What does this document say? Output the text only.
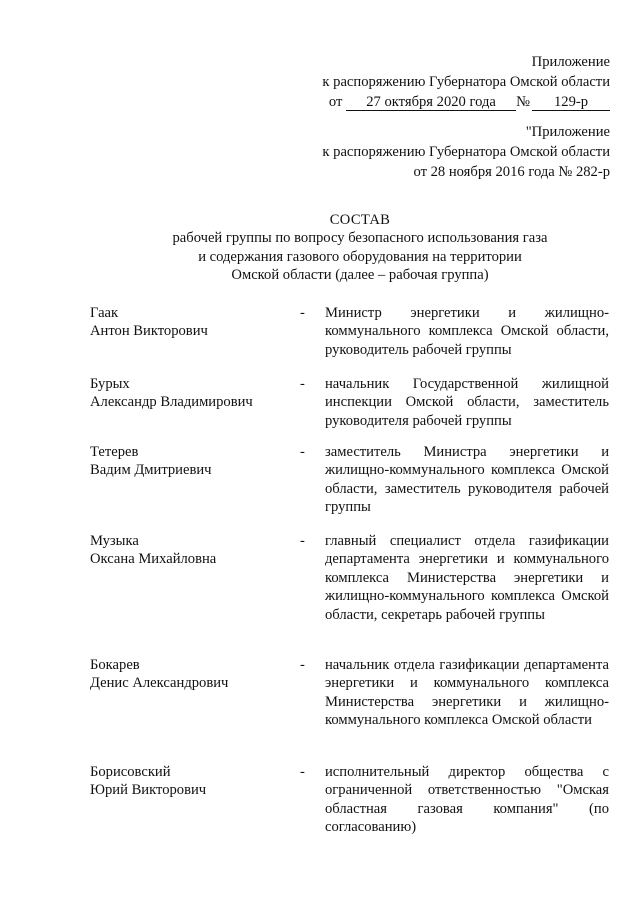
Приложение
к распоряжению Губернатора Омской области
от 27 октября 2020 года № 129-р
"Приложение
к распоряжению Губернатора Омской области
от 28 ноября 2016 года № 282-р
СОСТАВ
рабочей группы по вопросу безопасного использования газа
и содержания газового оборудования на территории
Омской области (далее – рабочая группа)
Гаак
Антон Викторович
- Министр энергетики и жилищно-коммунального комплекса Омской области, руководитель рабочей группы
Бурых
Александр Владимирович
- начальник Государственной жилищной инспекции Омской области, заместитель руководителя рабочей группы
Тетерев
Вадим Дмитриевич
- заместитель Министра энергетики и жилищно-коммунального комплекса Омской области, заместитель руководителя рабочей группы
Музыка
Оксана Михайловна
- главный специалист отдела газификации департамента энергетики и коммунального комплекса Министерства энергетики и жилищно-коммунального комплекса Омской области, секретарь рабочей группы
Бокарев
Денис Александрович
- начальник отдела газификации департамента энергетики и коммунального комплекса Министерства энергетики и жилищно-коммунального комплекса Омской области
Борисовский
Юрий Викторович
- исполнительный директор общества с ограниченной ответственностью "Омская областная газовая компания" (по согласованию)
